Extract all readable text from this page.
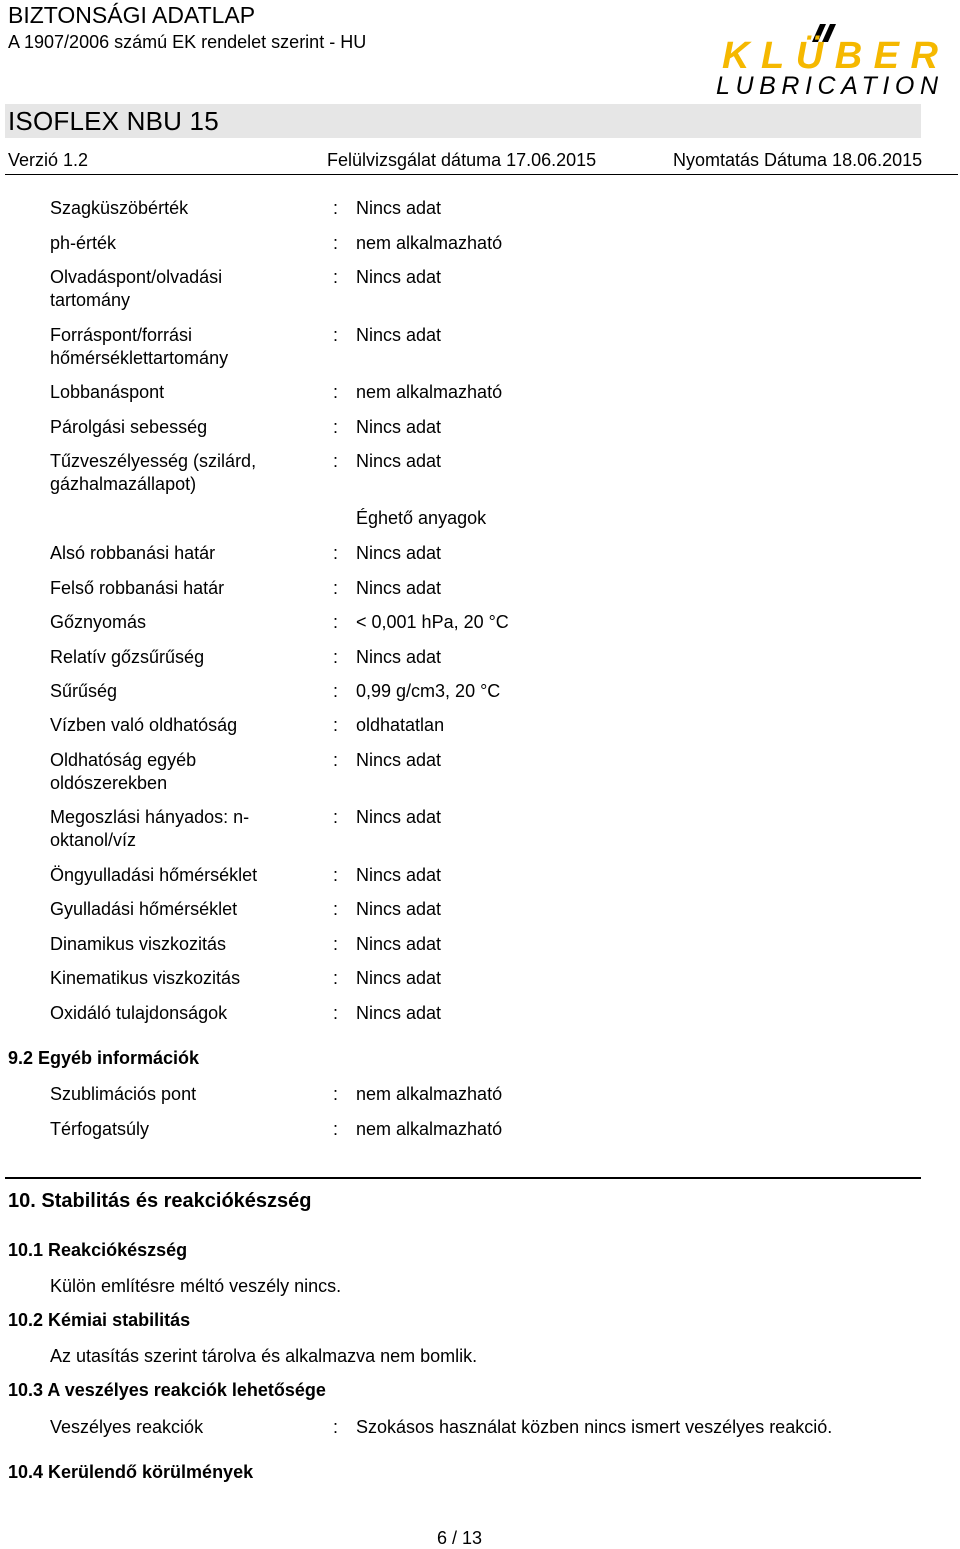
BIZTONSÁGI ADATLAP
A 1907/2006 számú EK rendelet szerint - HU	KLÜBER
LUBRICATION
ISOFLEX NBU 15
Verzió 1.2	Felülvizsgálat dátuma 17.06.2015	Nyomtatás Dátuma 18.06.2015
Szagküszöbérték	: Nincs adat
ph-érték	: nem alkalmazható
Olvadáspont/olvadási tartomány
: Nincs adat
Forráspont/forrási hőmérséklettartomány
: Nincs adat
Lobbanáspont	: nem alkalmazható
Párolgási sebesség	: Nincs adat
Tűzveszélyesség (szilárd, gázhalmazállapot)
: Nincs adat
Éghető anyagok
Alsó robbanási határ	: Nincs adat
Felső robbanási határ	: Nincs adat
Gőznyomás	: < 0,001 hPa, 20 °C
Relatív gőzsűrűség	: Nincs adat
Sűrűség	: 0,99 g/cm3, 20 °C
Vízben való oldhatóság	: oldhatatlan
Oldhatóság egyéb oldószerekben
: Nincs adat
Megoszlási hányados: n-oktanol/víz
: Nincs adat
Öngyulladási hőmérséklet	: Nincs adat
Gyulladási hőmérséklet	: Nincs adat
Dinamikus viszkozitás	: Nincs adat
Kinematikus viszkozitás	: Nincs adat
Oxidáló tulajdonságok	: Nincs adat
9.2 Egyéb információk
Szublimációs pont	: nem alkalmazható
Térfogatsúly	: nem alkalmazható
10. Stabilitás és reakciókészség
10.1 Reakciókészség
Külön említésre méltó veszély nincs.
10.2 Kémiai stabilitás
Az utasítás szerint tárolva és alkalmazva nem bomlik.
10.3 A veszélyes reakciók lehetősége
Veszélyes reakciók	: Szokásos használat közben nincs ismert veszélyes reakció.
10.4 Kerülendő körülmények
6 / 13
